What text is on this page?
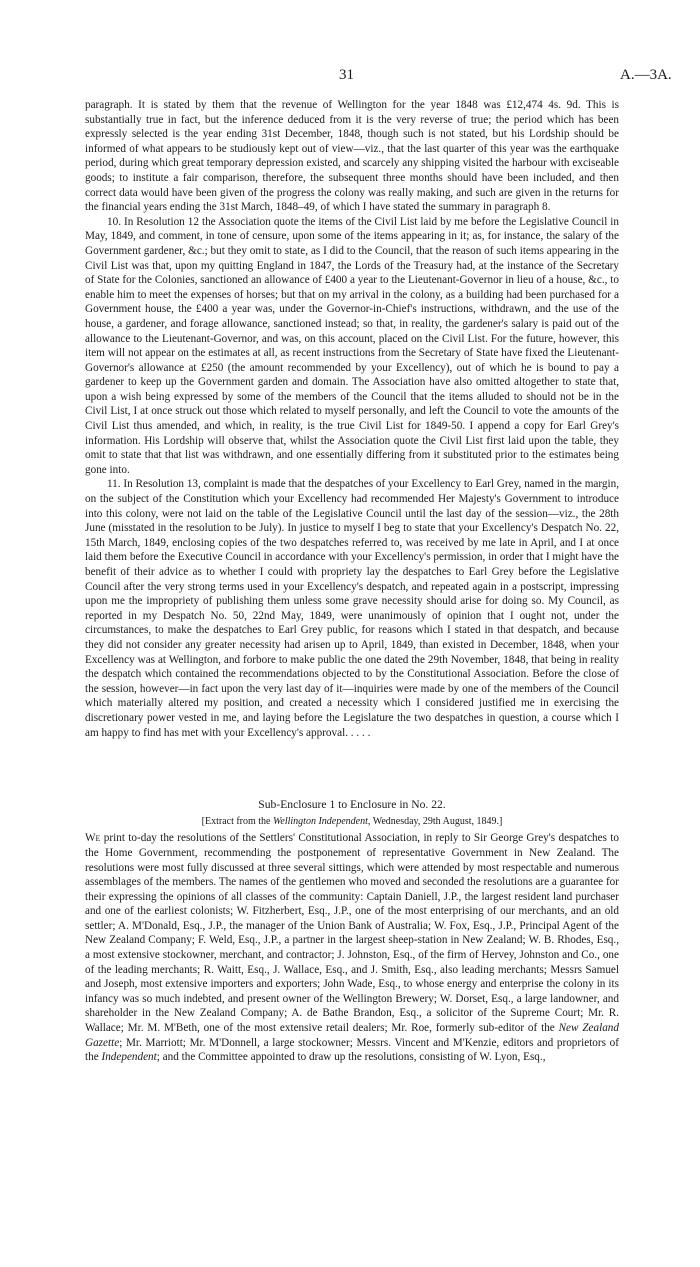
31	A.—3A.

paragraph. It is stated by them that the revenue of Wellington for the year 1848 was £12,474 4s. 9d. This is substantially true in fact, but the inference deduced from it is the very reverse of true; the period which has been expressly selected is the year ending 31st December, 1848, though such is not stated, but his Lordship should be informed of what appears to be studiously kept out of view—viz., that the last quarter of this year was the earthquake period, during which great temporary depression existed, and scarcely any shipping visited the harbour with exciseable goods; to institute a fair comparison, therefore, the subsequent three months should have been included, and then correct data would have been given of the progress the colony was really making, and such are given in the returns for the financial years ending the 31st March, 1848–49, of which I have stated the summary in paragraph 8.

10. In Resolution 12 the Association quote the items of the Civil List laid by me before the Legislative Council in May, 1849, and comment, in tone of censure, upon some of the items appearing in it; as, for instance, the salary of the Government gardener, &c.; but they omit to state, as I did to the Council, that the reason of such items appearing in the Civil List was that, upon my quitting England in 1847, the Lords of the Treasury had, at the instance of the Secretary of State for the Colonies, sanctioned an allowance of £400 a year to the Lieutenant-Governor in lieu of a house, &c., to enable him to meet the expenses of horses; but that on my arrival in the colony, as a building had been purchased for a Government house, the £400 a year was, under the Governor-in-Chief's instructions, withdrawn, and the use of the house, a gardener, and forage allowance, sanctioned instead; so that, in reality, the gardener's salary is paid out of the allowance to the Lieutenant-Governor, and was, on this account, placed on the Civil List. For the future, however, this item will not appear on the estimates at all, as recent instructions from the Secretary of State have fixed the Lieutenant-Governor's allowance at £250 (the amount recommended by your Excellency), out of which he is bound to pay a gardener to keep up the Government garden and domain. The Association have also omitted altogether to state that, upon a wish being expressed by some of the members of the Council that the items alluded to should not be in the Civil List, I at once struck out those which related to myself personally, and left the Council to vote the amounts of the Civil List thus amended, and which, in reality, is the true Civil List for 1849-50. I append a copy for Earl Grey's information. His Lordship will observe that, whilst the Association quote the Civil List first laid upon the table, they omit to state that that list was withdrawn, and one essentially differing from it substituted prior to the estimates being gone into.

11. In Resolution 13, complaint is made that the despatches of your Excellency to Earl Grey, named in the margin, on the subject of the Constitution which your Excellency had recommended Her Majesty's Government to introduce into this colony, were not laid on the table of the Legislative Council until the last day of the session—viz., the 28th June (misstated in the resolution to be July). In justice to myself I beg to state that your Excellency's Despatch No. 22, 15th March, 1849, enclosing copies of the two despatches referred to, was received by me late in April, and I at once laid them before the Executive Council in accordance with your Excellency's permission, in order that I might have the benefit of their advice as to whether I could with propriety lay the despatches to Earl Grey before the Legislative Council after the very strong terms used in your Excellency's despatch, and repeated again in a postscript, impressing upon me the impropriety of publishing them unless some grave necessity should arise for doing so. My Council, as reported in my Despatch No. 50, 22nd May, 1849, were unanimously of opinion that I ought not, under the circumstances, to make the despatches to Earl Grey public, for reasons which I stated in that despatch, and because they did not consider any greater necessity had arisen up to April, 1849, than existed in December, 1848, when your Excellency was at Wellington, and forbore to make public the one dated the 29th November, 1848, that being in reality the despatch which contained the recommendations objected to by the Constitutional Association. Before the close of the session, however—in fact upon the very last day of it—inquiries were made by one of the members of the Council which materially altered my position, and created a necessity which I considered justified me in exercising the discretionary power vested in me, and laying before the Legislature the two despatches in question, a course which I am happy to find has met with your Excellency's approval. . . . .

Sub-Enclosure 1 to Enclosure in No. 22.
[Extract from the Wellington Independent, Wednesday, 29th August, 1849.]

We print to-day the resolutions of the Settlers' Constitutional Association, in reply to Sir George Grey's despatches to the Home Government, recommending the postponement of representative Government in New Zealand. The resolutions were most fully discussed at three several sittings, which were attended by most respectable and numerous assemblages of the members. The names of the gentlemen who moved and seconded the resolutions are a guarantee for their expressing the opinions of all classes of the community: Captain Daniell, J.P., the largest resident land purchaser and one of the earliest colonists; W. Fitzherbert, Esq., J.P., one of the most enterprising of our merchants, and an old settler; A. M'Donald, Esq., J.P., the manager of the Union Bank of Australia; W. Fox, Esq., J.P., Principal Agent of the New Zealand Company; F. Weld, Esq., J.P., a partner in the largest sheep-station in New Zealand; W. B. Rhodes, Esq., a most extensive stockowner, merchant, and contractor; J. Johnston, Esq., of the firm of Hervey, Johnston and Co., one of the leading merchants; R. Waitt, Esq., J. Wallace, Esq., and J. Smith, Esq., also leading merchants; Messrs Samuel and Joseph, most extensive importers and exporters; John Wade, Esq., to whose energy and enterprise the colony in its infancy was so much indebted, and present owner of the Wellington Brewery; W. Dorset, Esq., a large landowner, and shareholder in the New Zealand Company; A. de Bathe Brandon, Esq., a solicitor of the Supreme Court; Mr. R. Wallace; Mr. M. M'Beth, one of the most extensive retail dealers; Mr. Roe, formerly sub-editor of the New Zealand Gazette; Mr. Marriott; Mr. M'Donnell, a large stockowner; Messrs. Vincent and M'Kenzie, editors and proprietors of the Independent; and the Committee appointed to draw up the resolutions, consisting of W. Lyon, Esq.,
